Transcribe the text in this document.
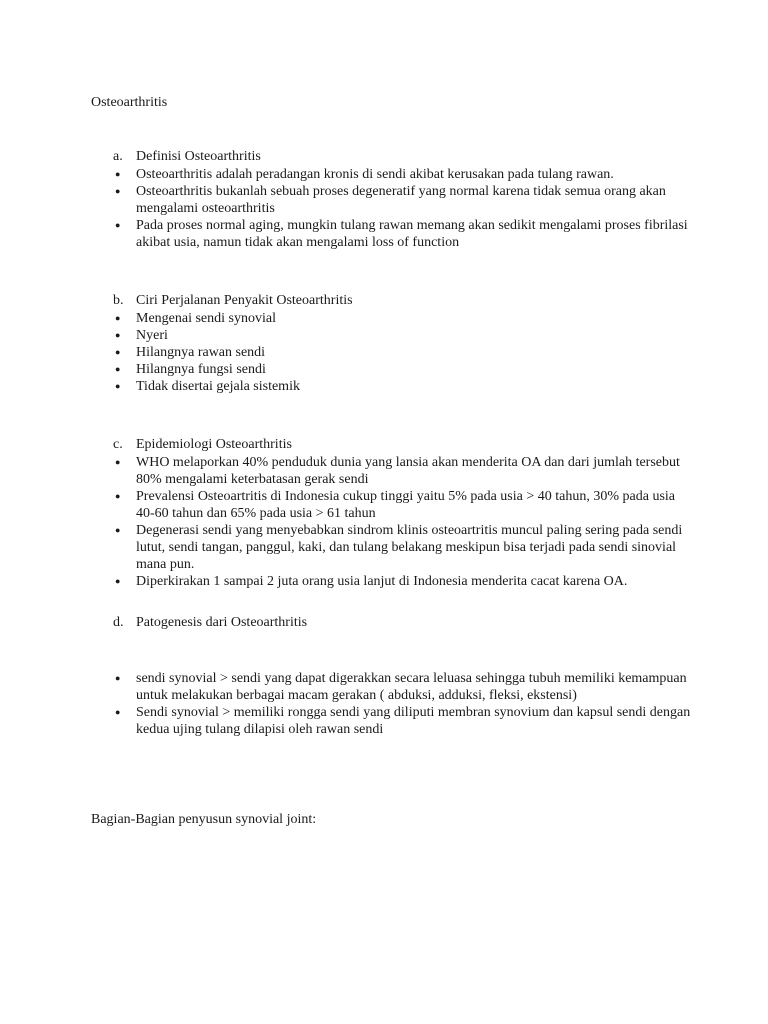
Osteoarthritis
a. Definisi Osteoarthritis
●	Osteoarthritis adalah peradangan kronis di sendi akibat kerusakan pada tulang rawan.
●	Osteoarthritis bukanlah sebuah proses degeneratif yang normal karena tidak semua orang akan mengalami osteoarthritis
●	Pada proses normal aging, mungkin tulang rawan memang akan sedikit mengalami proses fibrilasi akibat usia, namun tidak akan mengalami loss of function
b. Ciri Perjalanan Penyakit Osteoarthritis
●	Mengenai sendi synovial
●	Nyeri
●	Hilangnya rawan sendi
●	Hilangnya fungsi sendi
●	Tidak disertai gejala sistemik
c. Epidemiologi Osteoarthritis
●	WHO melaporkan 40% penduduk dunia yang lansia akan menderita OA dan dari jumlah tersebut 80% mengalami keterbatasan gerak sendi
●	Prevalensi Osteoartritis di Indonesia cukup tinggi yaitu 5% pada usia > 40 tahun, 30% pada usia 40-60 tahun dan 65% pada usia > 61 tahun
●	Degenerasi sendi yang menyebabkan sindrom klinis osteoartritis muncul paling sering pada sendi lutut, sendi tangan, panggul, kaki, dan tulang belakang meskipun bisa terjadi pada sendi sinovial mana pun.
●	Diperkirakan 1 sampai 2 juta orang usia lanjut di Indonesia menderita cacat karena OA.
d. Patogenesis dari Osteoarthritis
●	sendi synovial > sendi yang dapat digerakkan secara leluasa sehingga tubuh memiliki kemampuan untuk melakukan berbagai macam gerakan ( abduksi, adduksi, fleksi, ekstensi)
●	Sendi synovial > memiliki rongga sendi yang diliputi membran synovium dan kapsul sendi dengan kedua ujing tulang dilapisi oleh rawan sendi
Bagian-Bagian penyusun synovial joint:
